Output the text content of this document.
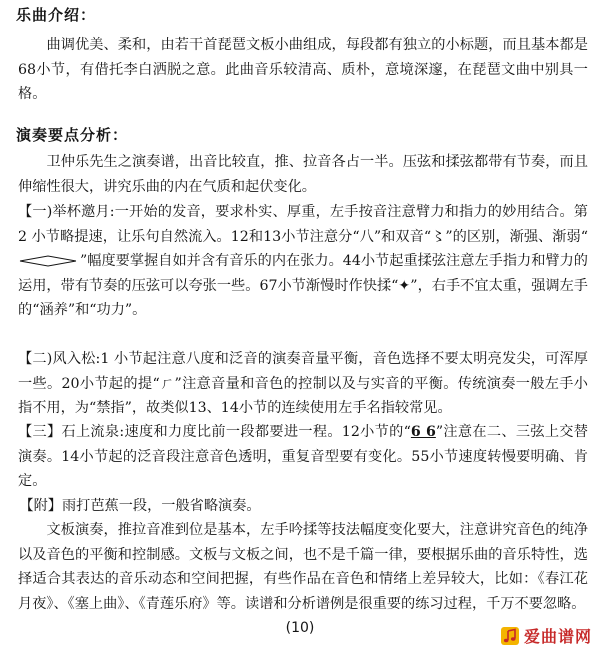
乐曲介绍：
曲调优美、柔和，由若干首琵琶文板小曲组成，每段都有独立的小标题，而且基本都是68小节，有借托李白洒脱之意。此曲音乐较清高、质朴，意境深邃，在琵琶文曲中别具一格。
演奏要点分析：
卫仲乐先生之演奏谱，出音比较直，推、拉音各占一半。压弦和揉弦都带有节奏，而且伸缩性很大，讲究乐曲的内在气质和起伏变化。
【一)举杯邀月:一开始的发音，要求朴实、厚重，左手按音注意臂力和指力的妙用结合。第 2 小节略提速，让乐句自然流入。12和13小节注意分“八”和双音“〻”的区别，渐强、渐弱“”幅度要掌握自如并含有音乐的内在张力。44小节起重揉弦注意左手指力和臂力的运用，带有节奏的压弦可以夸张一些。67小节渐慢时作快揉“✦”，右手不宜太重，强调左手的“涵养”和“功力”。
【二)风入松:1 小节起注意八度和泛音的演奏音量平衡，音色选择不要太明亮发尖，可浑厚一些。20小节起的提“ㄏ”注意音量和音色的控制以及与实音的平衡。传统演奏一般左手小指不用，为“禁指”，故类似13、14小节的连续使用左手名指较常见。
【三】石上流泉:速度和力度比前一段都要进一程。12小节的“6 6”注意在二、三弦上交替演奏。14小节起的泛音段注意音色透明，重复音型要有变化。55小节速度转慢要明确、肯定。
【附】雨打芭蕉一段，一般省略演奏。
文板演奏，推拉音准到位是基本，左手吟揉等技法幅度变化要大，注意讲究音色的纯净以及音色的平衡和控制感。文板与文板之间，也不是千篇一律，要根据乐曲的音乐特性，选择适合其表达的音乐动态和空间把握，有些作品在音色和情绪上差异较大，比如：《春江花月夜》、《塞上曲》、《青莲乐府》等。读谱和分析谱例是很重要的练习过程，千万不要忽略。
(10)	爱曲谱网
